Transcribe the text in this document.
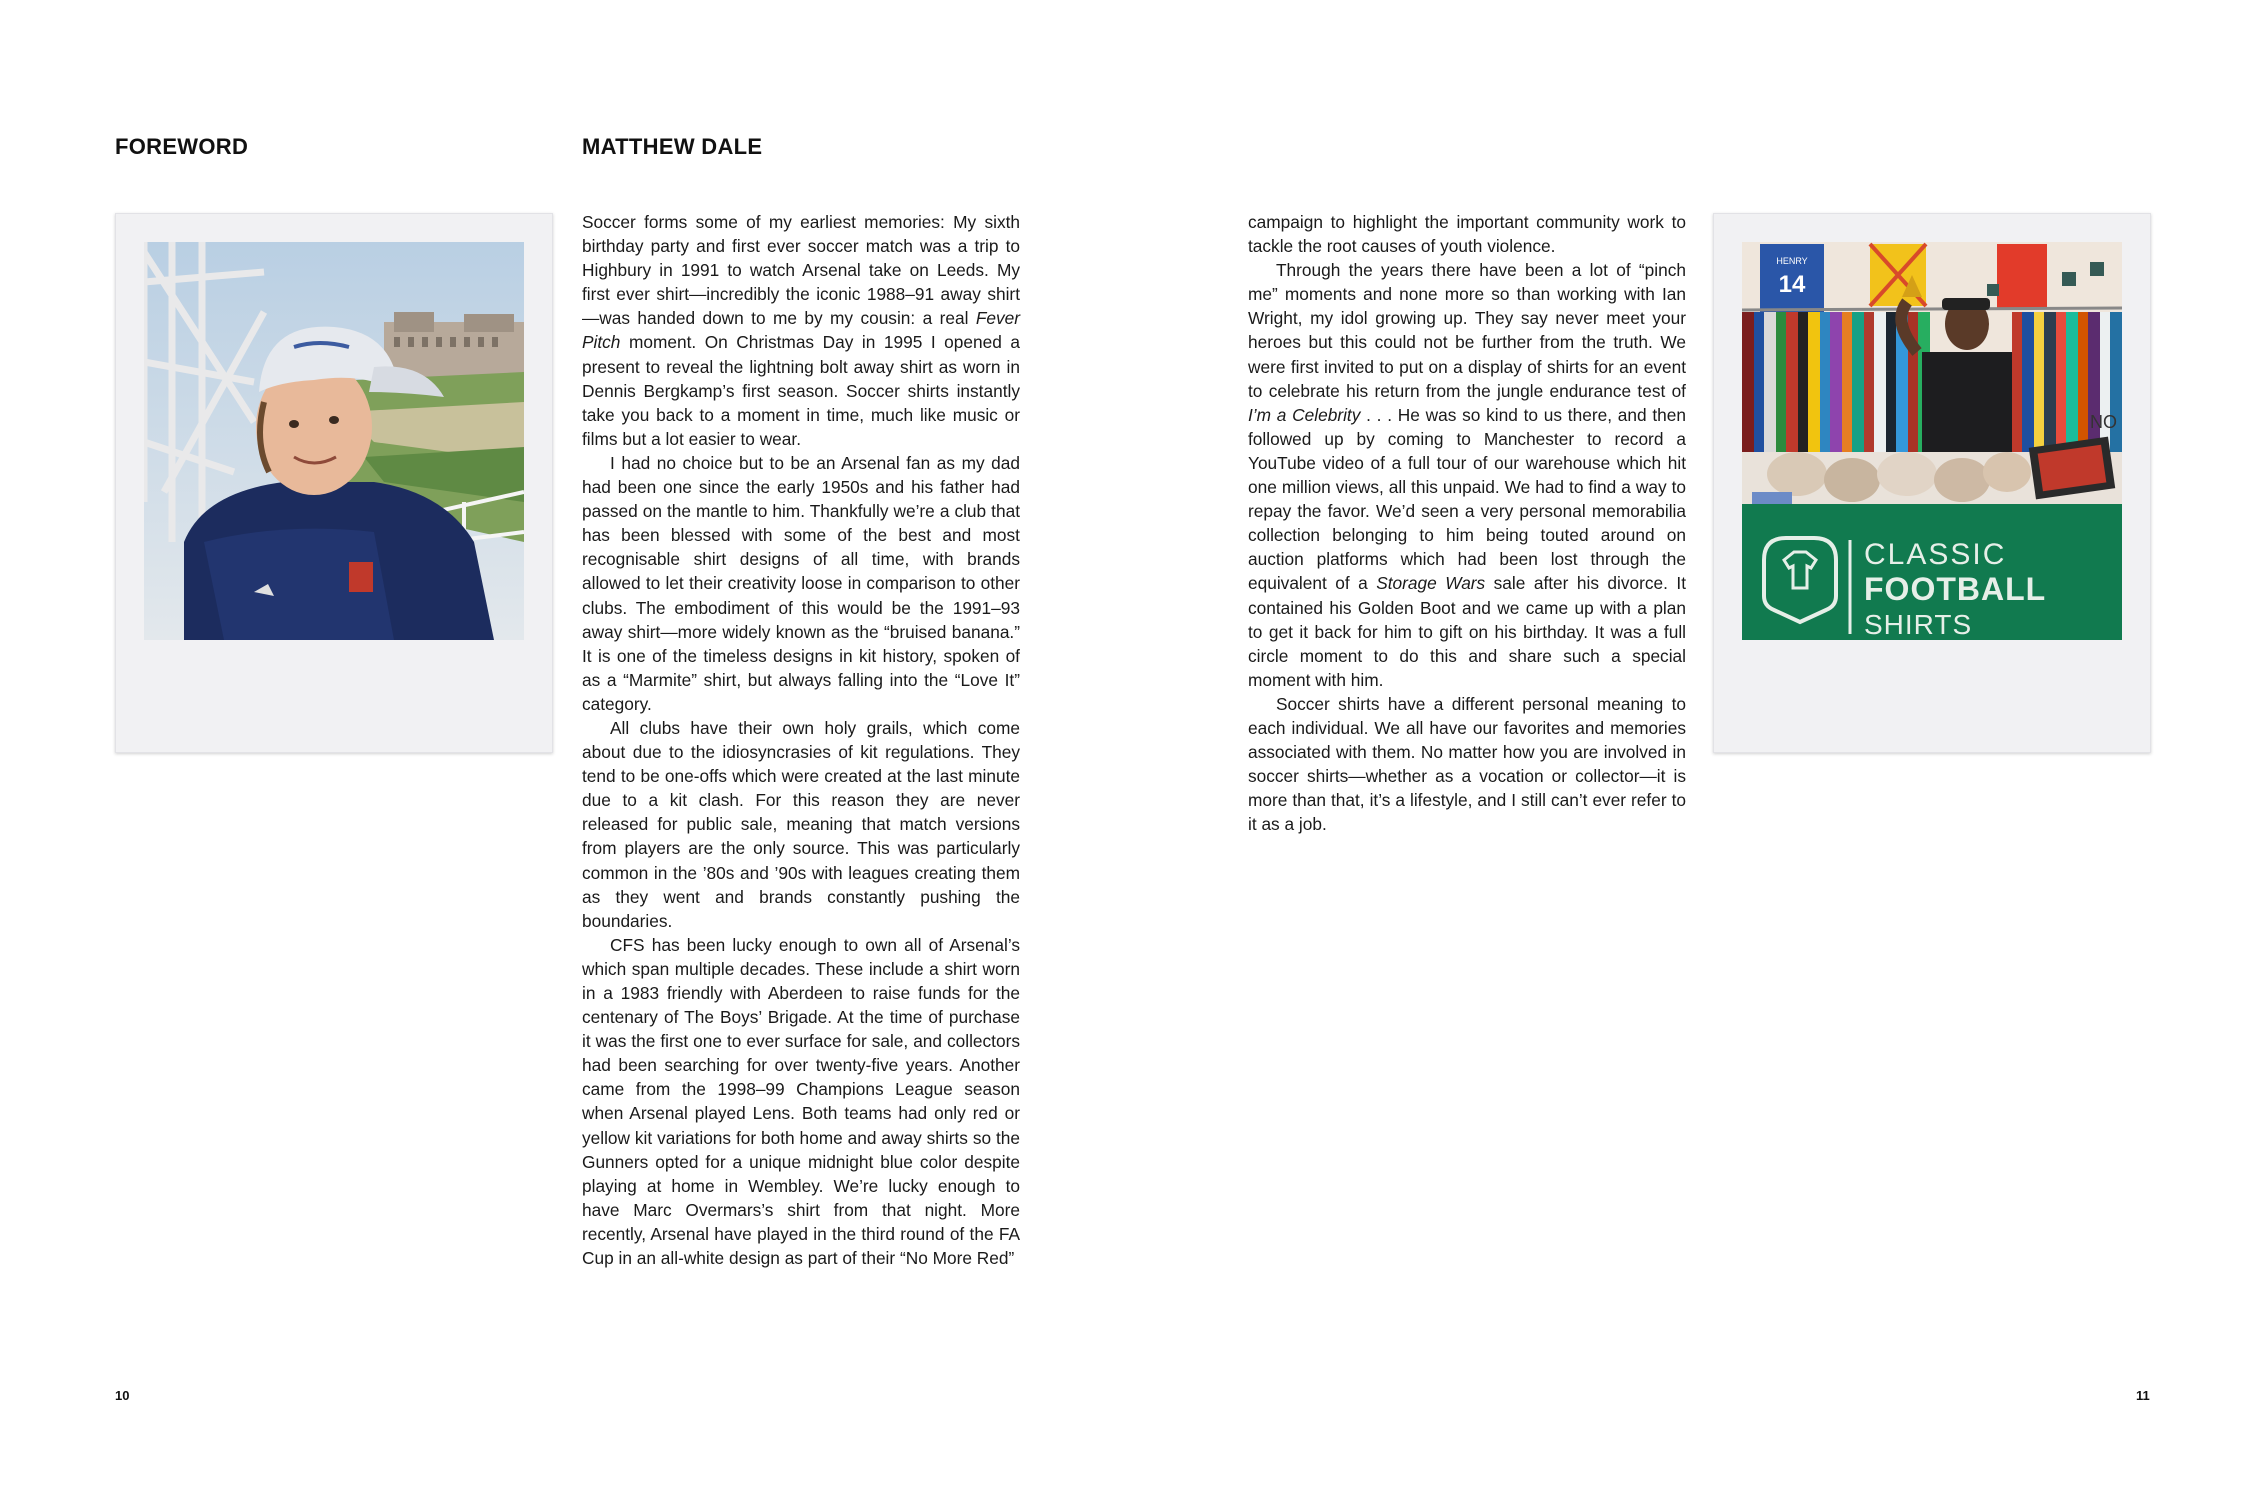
FOREWORD	MATTHEW DALE

Soccer forms some of my earliest memories: My sixth birthday party and first ever soccer match was a trip to Highbury in 1991 to watch Arsenal take on Leeds. My first ever shirt—incredibly the iconic 1988–91 away shirt—was handed down to me by my cousin: a real Fever Pitch moment. On Christmas Day in 1995 I opened a present to reveal the lightning bolt away shirt as worn in Dennis Bergkamp’s first season. Soccer shirts instantly take you back to a moment in time, much like music or films but a lot easier to wear.

I had no choice but to be an Arsenal fan as my dad had been one since the early 1950s and his father had passed on the mantle to him. Thankfully we’re a club that has been blessed with some of the best and most recognisable shirt designs of all time, with brands allowed to let their creativity loose in comparison to other clubs. The embodiment of this would be the 1991–93 away shirt—more widely known as the “bruised banana.” It is one of the timeless designs in kit history, spoken of as a “Marmite” shirt, but always falling into the “Love It” category.

All clubs have their own holy grails, which come about due to the idiosyncrasies of kit regulations. They tend to be one-offs which were created at the last minute due to a kit clash. For this reason they are never released for public sale, meaning that match versions from players are the only source. This was particularly common in the ’80s and ’90s with leagues creating them as they went and brands constantly pushing the boundaries.

CFS has been lucky enough to own all of Arsenal’s which span multiple decades. These include a shirt worn in a 1983 friendly with Aberdeen to raise funds for the centenary of The Boys’ Brigade. At the time of purchase it was the first one to ever surface for sale, and collectors had been searching for over twenty-five years. Another came from the 1998–99 Champions League season when Arsenal played Lens. Both teams had only red or yellow kit variations for both home and away shirts so the Gunners opted for a unique midnight blue color despite playing at home in Wembley. We’re lucky enough to have Marc Overmars’s shirt from that night. More recently, Arsenal have played in the third round of the FA Cup in an all-white design as part of their “No More Red”

campaign to highlight the important community work to tackle the root causes of youth violence.

Through the years there have been a lot of “pinch me” moments and none more so than working with Ian Wright, my idol growing up. They say never meet your heroes but this could not be further from the truth. We were first invited to put on a display of shirts for an event to celebrate his return from the jungle endurance test of I’m a Celebrity . . . He was so kind to us there, and then followed up by coming to Manchester to record a YouTube video of a full tour of our warehouse which hit one million views, all this unpaid. We had to find a way to repay the favor. We’d seen a very personal memorabilia collection belonging to him being touted around on auction platforms which had been lost through the equivalent of a Storage Wars sale after his divorce. It contained his Golden Boot and we came up with a plan to get it back for him to gift on his birthday. It was a full circle moment to do this and share such a special moment with him.

Soccer shirts have a different personal meaning to each individual. We all have our favorites and memories associated with them. No matter how you are involved in soccer shirts—whether as a vocation or collector—it is more than that, it’s a lifestyle, and I still can’t ever refer to it as a job.

HENRY
14
CLASSIC
FOOTBALL
SHIRTS
NO
10	11
